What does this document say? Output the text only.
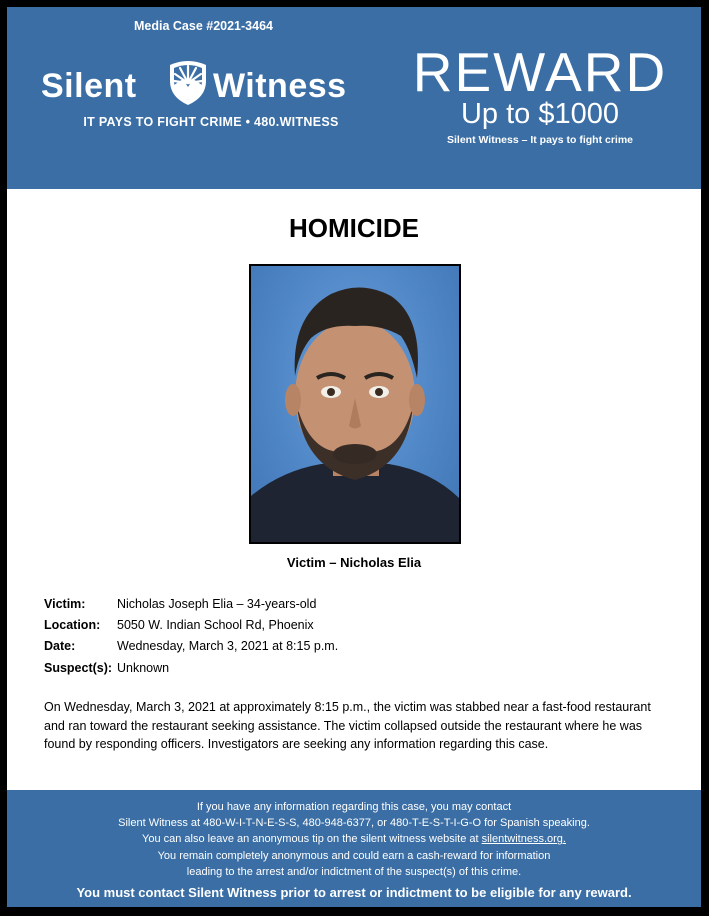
Media Case #2021-3464
Silent Witness
IT PAYS TO FIGHT CRIME • 480.WITNESS
REWARD
Up to $1000
Silent Witness – It pays to fight crime
HOMICIDE
Victim – Nicholas Elia
Victim:	Nicholas Joseph Elia – 34-years-old
Location: 5050 W. Indian School Rd, Phoenix
Date:	Wednesday, March 3, 2021 at 8:15 p.m.
Suspect(s): Unknown
On Wednesday, March 3, 2021 at approximately 8:15 p.m., the victim was stabbed near a fast-food restaurant and ran toward the restaurant seeking assistance. The victim collapsed outside the restaurant where he was found by responding officers. Investigators are seeking any information regarding this case.
If you have any information regarding this case, you may contact
Silent Witness at 480-W-I-T-N-E-S-S, 480-948-6377, or 480-T-E-S-T-I-G-O for Spanish speaking.
You can also leave an anonymous tip on the silent witness website at silentwitness.org.
You remain completely anonymous and could earn a cash-reward for information
leading to the arrest and/or indictment of the suspect(s) of this crime.
You must contact Silent Witness prior to arrest or indictment to be eligible for any reward.
